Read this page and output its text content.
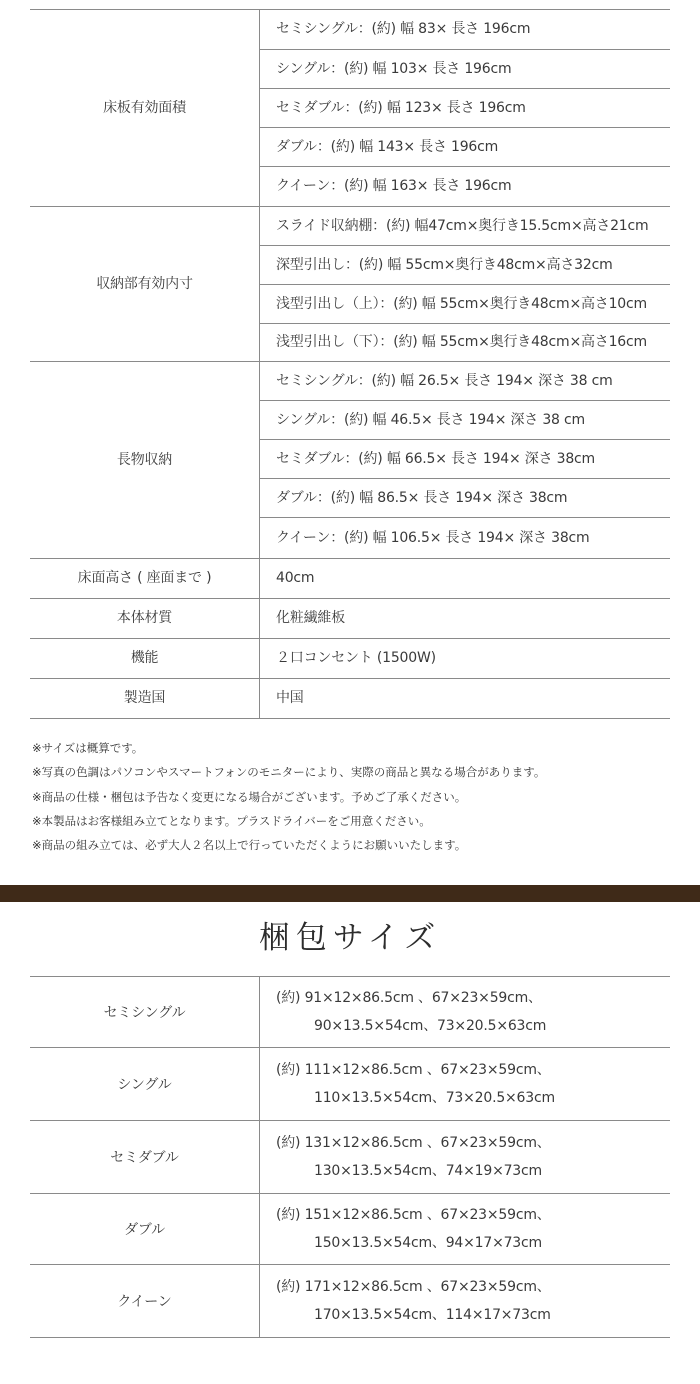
床板有効面積	セミシングル：(約) 幅 83× 長さ 196cm
	シングル：(約) 幅 103× 長さ 196cm
	セミダブル：(約) 幅 123× 長さ 196cm
	ダブル：(約) 幅 143× 長さ 196cm
	クイーン：(約) 幅 163× 長さ 196cm
収納部有効内寸	スライド収納棚：(約) 幅47cm×奥行き15.5cm×高さ21cm
	深型引出し：(約) 幅 55cm×奥行き48cm×高さ32cm
	浅型引出し（上）：(約) 幅 55cm×奥行き48cm×高さ10cm
	浅型引出し（下）：(約) 幅 55cm×奥行き48cm×高さ16cm
長物収納	セミシングル：(約) 幅 26.5× 長さ 194× 深さ 38 cm
	シングル：(約) 幅 46.5× 長さ 194× 深さ 38 cm
	セミダブル：(約) 幅 66.5× 長さ 194× 深さ 38cm
	ダブル：(約) 幅 86.5× 長さ 194× 深さ 38cm
	クイーン：(約) 幅 106.5× 長さ 194× 深さ 38cm
床面高さ ( 座面まで )	40cm
本体材質	化粧繊維板
機能	２口コンセント (1500W)
製造国	中国
※サイズは概算です。
※写真の色調はパソコンやスマートフォンのモニターにより、実際の商品と異なる場合があります。
※商品の仕様・梱包は予告なく変更になる場合がございます。予めご了承ください。
※本製品はお客様組み立てとなります。プラスドライバーをご用意ください。
※商品の組み立ては、必ず大人２名以上で行っていただくようにお願いいたします。
梱包サイズ
セミシングル	(約) 91×12×86.5cm 、67×23×59cm、
90×13.5×54cm、73×20.5×63cm

シングル	(約) 111×12×86.5cm 、67×23×59cm、
110×13.5×54cm、73×20.5×63cm

セミダブル	(約) 131×12×86.5cm 、67×23×59cm、
130×13.5×54cm、74×19×73cm

ダブル	(約) 151×12×86.5cm 、67×23×59cm、
150×13.5×54cm、94×17×73cm

クイーン	(約) 171×12×86.5cm 、67×23×59cm、
170×13.5×54cm、114×17×73cm
